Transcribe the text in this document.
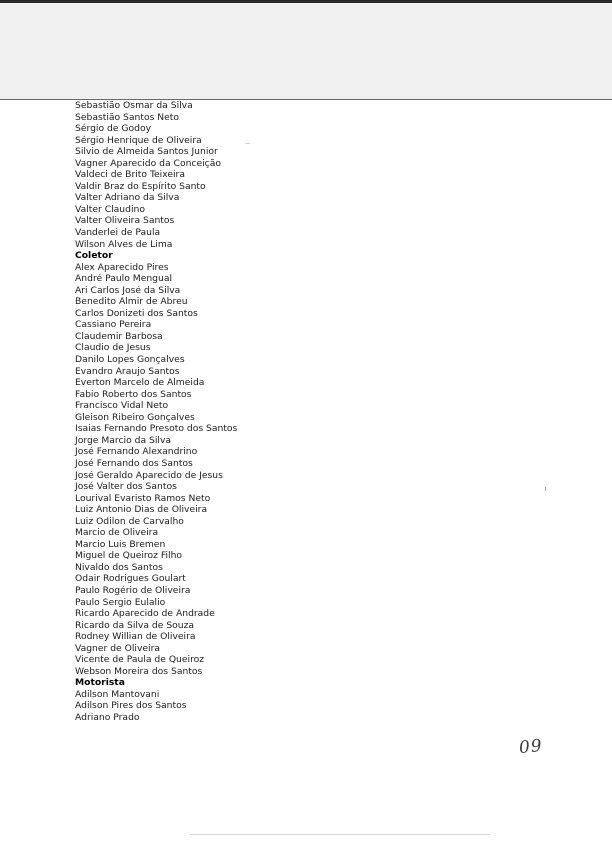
Sebastião Osmar da Silva
Sebastião Santos Neto
Sérgio de Godoy
Sérgio Henrique de Oliveira
Silvio de Almeida Santos Junior
Vagner Aparecido da Conceição
Valdeci de Brito Teixeira
Valdir Braz do Espírito Santo
Valter Adriano da Silva
Valter Claudino
Valter Oliveira Santos
Vanderlei de Paula
Wilson Alves de Lima
Coletor
Alex Aparecido Pires
André Paulo Mengual
Ari Carlos José da Silva
Benedito Almir de Abreu
Carlos Donizeti dos Santos
Cassiano Pereira
Claudemir Barbosa
Claudio de Jesus
Danilo Lopes Gonçalves
Evandro Araujo Santos
Everton Marcelo de Almeida
Fabio Roberto dos Santos
Francisco Vidal Neto
Gleison Ribeiro Gonçalves
Isaias Fernando Presoto dos Santos
Jorge Marcio da Silva
José Fernando Alexandrino
José Fernando dos Santos
José Geraldo Aparecido de Jesus
José Valter dos Santos
Lourival Evaristo Ramos Neto
Luiz Antonio Dias de Oliveira
Luiz Odilon de Carvalho
Marcio de Oliveira
Marcio Luis Bremen
Miguel de Queiroz Filho
Nivaldo dos Santos
Odair Rodrigues Goulart
Paulo Rogério de Oliveira
Paulo Sergio Eulalio
Ricardo Aparecido de Andrade
Ricardo da Silva de Souza
Rodney Willian de Oliveira
Vagner de Oliveira
Vicente de Paula de Queiroz
Webson Moreira dos Santos
Motorista
Adilson Mantovani
Adilson Pires dos Santos
Adriano Prado
09
